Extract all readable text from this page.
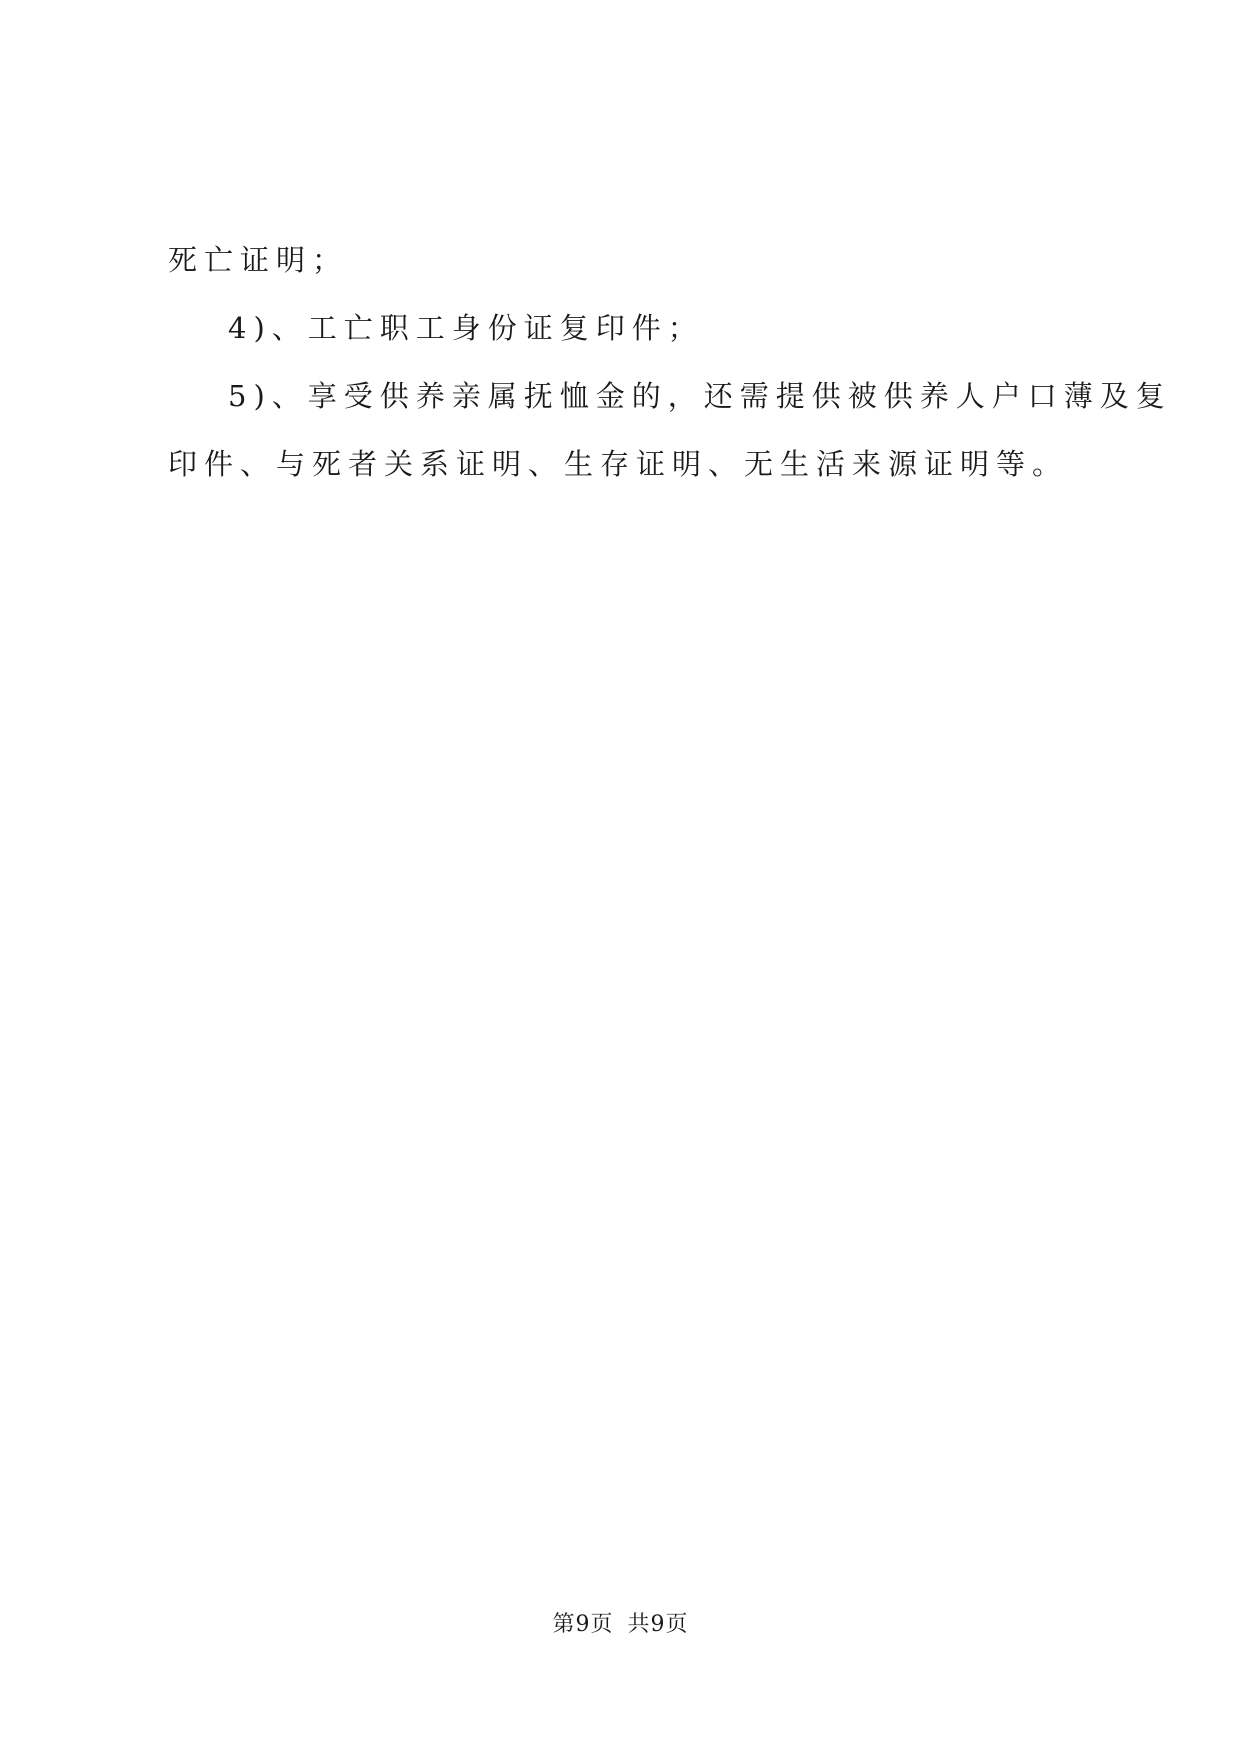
死亡证明；
4)、工亡职工身份证复印件；
5)、享受供养亲属抚恤金的，还需提供被供养人户口薄及复
印件、与死者关系证明、生存证明、无生活来源证明等。
第9页 共9页
